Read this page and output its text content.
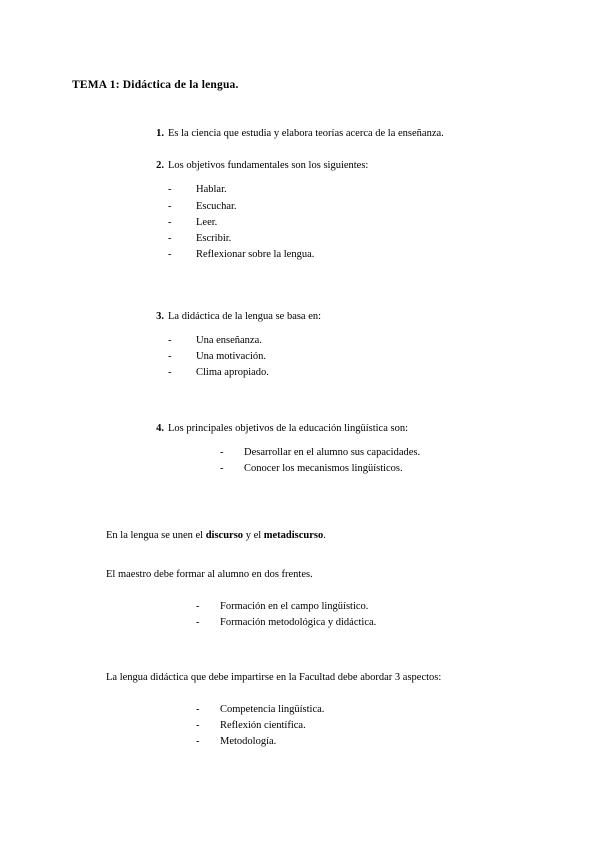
TEMA 1: Didáctica de la lengua.
1. Es la ciencia que estudia y elabora teorías acerca de la enseñanza.
2. Los objetivos fundamentales son los siguientes:
- Hablar.
- Escuchar.
- Leer.
- Escribir.
- Reflexionar sobre la lengua.
3. La didáctica de la lengua se basa en:
- Una enseñanza.
- Una motivación.
- Clima apropiado.
4. Los principales objetivos de la educación lingüística son:
- Desarrollar en el alumno sus capacidades.
- Conocer los mecanismos lingüísticos.

En la lengua se unen el discurso y el metadiscurso.

El maestro debe formar al alumno en dos frentes.

- Formación en el campo lingüístico.
- Formación metodológica y didáctica.

La lengua didáctica que debe impartirse en la Facultad debe abordar 3 aspectos:

- Competencia lingüística.
- Reflexión científica.
- Metodología.
